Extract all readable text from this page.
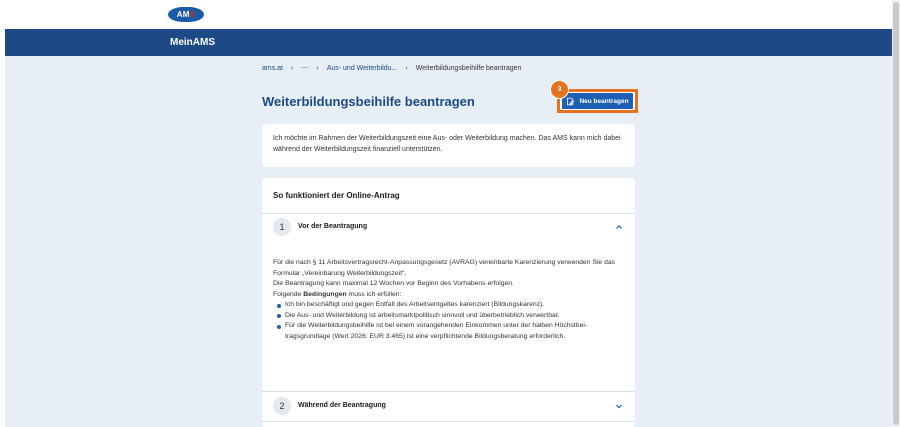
AMS
MeinAMS
ams.at › ⋯ › Aus- und Weiterbildu... › Weiterbildungsbeihilfe beantragen
Weiterbildungsbeihilfe beantragen	Neu beantragen
3

Ich möchte im Rahmen der Weiterbildungszeit eine Aus- oder Weiterbildung machen. Das AMS kann mich dabei während der Weiterbildungszeit finanziell unterstützen.

So funktioniert der Online-Antrag
1	Vor der Beantragung

Für die nach § 11 Arbeitsvertragsrecht-Anpassungsgesetz (AVRAG) vereinbarte Karenzierung verwenden Sie das Formular „Vereinbarung Weiterbildungszeit“.

Die Beantragung kann maximal 12 Wochen vor Beginn des Vorhabens erfolgen.

Folgende Bedingungen muss ich erfüllen:

Ich bin beschäftigt und gegen Entfall des Arbeitsentgeltes karenziert (Bildungskarenz).
Die Aus- und Weiterbildung ist arbeitsmarktpolitisch sinnvoll und überbetrieblich verwertbar.
Für die Weiterbildungsbeihilfe ist bei einem vorangehenden Einkommen unter der halben Höchstbei-tragsgrundlage (Wert 2026: EUR 3.465) ist eine verpflichtende Bildungsberatung erforderlich.
2	Während der Beantragung
